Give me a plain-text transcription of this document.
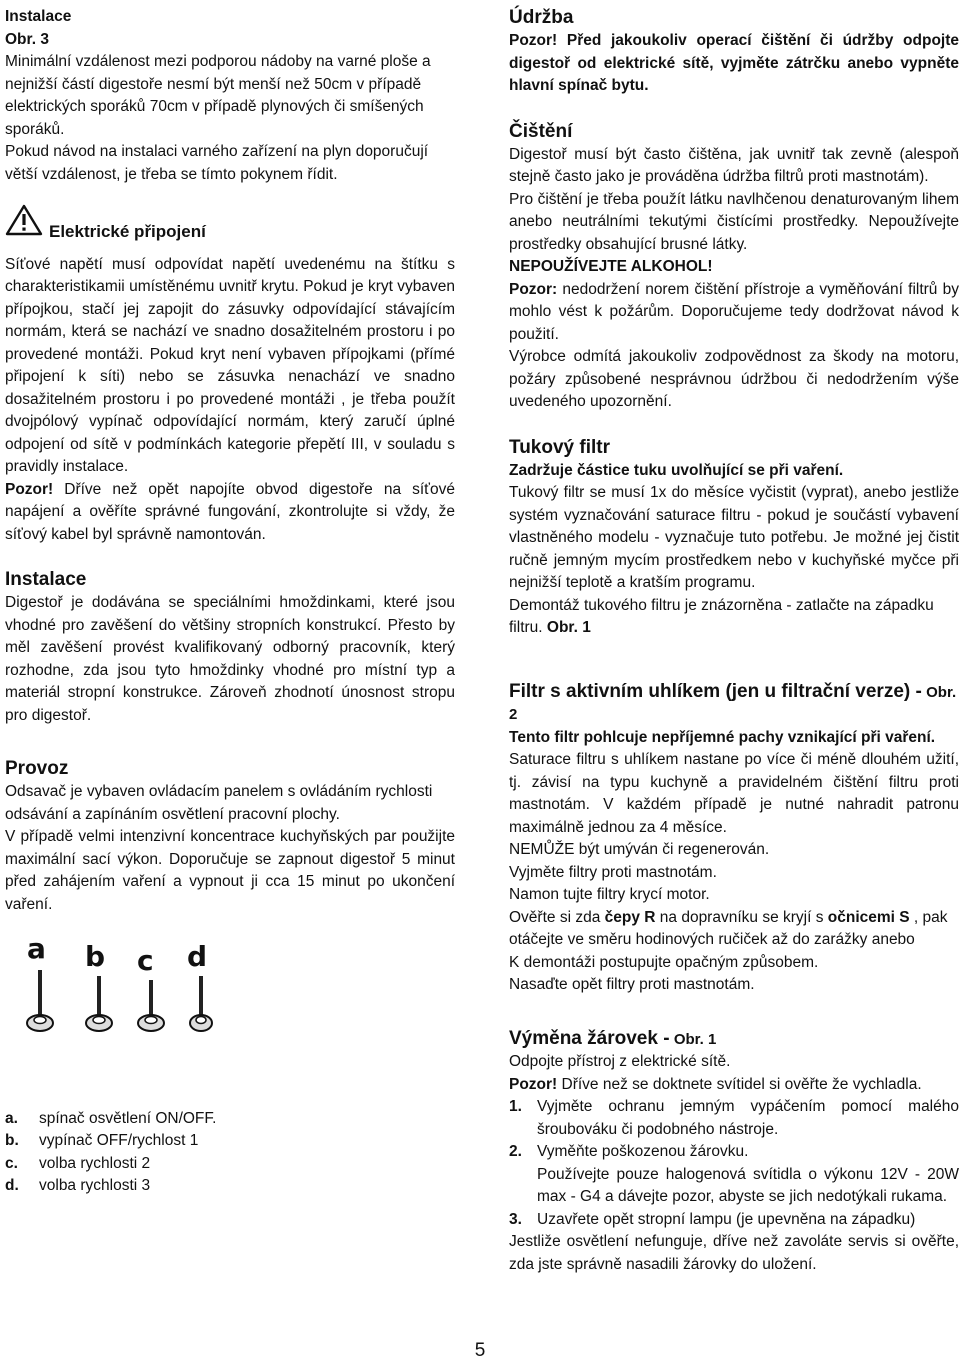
Instalace

Obr. 3

Minimální vzdálenost mezi podporou nádoby na varné ploše a nejnižší částí digestoře nesmí být menší než 50cm v případě elektrických sporáků 70cm v případě plynových či smíšených sporáků.

Pokud návod na instalaci varného zařízení na plyn doporučují větší vzdálenost, je třeba se tímto pokynem řídit.

Elektrické připojení

Síťové napětí musí odpovídat napětí uvedenému na štítku s charakteristikamii umístěnému uvnitř krytu. Pokud je kryt vybaven přípojkou, stačí jej zapojit do zásuvky odpovídající stávajícím normám, která se nachází ve snadno dosažitelném prostoru i po provedené montáži. Pokud kryt není vybaven přípojkami (přímé připojení k síti) nebo se zásuvka nenachází ve snadno dosažitelném prostoru i po provedené montáži , je třeba použít dvojpólový vypínač odpovídající normám, který zaručí úplné odpojení od sítě v podmínkách kategorie přepětí III, v souladu s pravidly instalace.

Pozor! Dříve než opět napojíte obvod digestoře na síťové napájení a ověříte správné fungování, zkontrolujte si vždy, že síťový kabel byl správně namontován.

Instalace

Digestoř je dodávána se speciálními hmoždinkami, které jsou vhodné pro zavěšení do většiny stropních konstrukcí. Přesto by měl zavěšení provést kvalifikovaný odborný pracovník, který rozhodne, zda jsou tyto hmoždinky vhodné pro místní typ a materiál stropní konstrukce. Zároveň zhodnotí únosnost stropu pro digestoř.

Provoz

Odsavač je vybaven ovládacím panelem s ovládáním rychlosti odsávání a zapínáním osvětlení pracovní plochy.

V případě velmi intenzivní koncentrace kuchyňských par použijte maximální sací výkon. Doporučuje se zapnout digestoř 5 minut před zahájením vaření a vypnout ji cca 15 minut po ukončení vaření.

a b c d
a.	spínač osvětlení ON/OFF.
b.	vypínač OFF/rychlost 1
c.	volba rychlosti 2
d.	volba rychlosti 3

Údržba

Pozor! Před jakoukoliv operací čištění či údržby odpojte digestoř od elektrické sítě, vyjměte zátrčku anebo vypněte hlavní spínač bytu.

Čištění

Digestoř musí být často čištěna, jak uvnitř tak zevně (alespoň stejně často jako je prováděna údržba filtrů proti mastnotám).

Pro čištění je třeba použít látku navlhčenou denaturovaným lihem anebo neutrálními tekutými čistícími prostředky. Nepoužívejte prostředky obsahující brusné látky.

NEPOUŽÍVEJTE ALKOHOL!

Pozor: nedodržení norem čištění přístroje a vyměňování filtrů by mohlo vést k požárům. Doporučujeme tedy dodržovat návod k použití.

Výrobce odmítá jakoukoliv zodpovědnost za škody na motoru, požáry způsobené nesprávnou údržbou či nedodržením výše uvedeného upozornění.

Tukový filtr

Zadržuje částice tuku uvolňující se při vaření.

Tukový filtr se musí 1x do měsíce vyčistit (vyprat), anebo jestliže systém vyznačování saturace filtru - pokud je součástí vybavení vlastněného modelu - vyznačuje tuto potřebu. Je možné jej čistit ručně jemným mycím prostředkem nebo v kuchyňské myčce při nejnižší teplotě a kratším programu.

Demontáž tukového filtru je znázorněna - zatlačte na západku filtru. Obr. 1

Filtr s aktivním uhlíkem (jen u filtrační verze) - Obr. 2

Tento filtr pohlcuje nepříjemné pachy vznikající při vaření.

Saturace filtru s uhlíkem nastane po více či méně dlouhém užití, tj. závisí na typu kuchyně a pravidelném čištění filtru proti mastnotám. V každém případě je nutné nahradit patronu maximálně jednou za 4 měsíce.

NEMŮŽE být umýván či regenerován.

Vyjměte filtry proti mastnotám.

Namon tujte filtry krycí motor.

Ověřte si zda čepy R na dopravníku se kryjí s očnicemi S , pak otáčejte ve směru hodinových ručiček až do zarážky anebo

K demontáži postupujte opačným způsobem.

Nasaďte opět filtry proti mastnotám.

Výměna žárovek - Obr. 1

Odpojte přístroj z elektrické sítě.

Pozor! Dříve než se doktnete svítidel si ověřte že vychladla.

1. Vyjměte ochranu jemným vypáčením pomocí malého šroubováku či podobného nástroje.
2. Vyměňte poškozenou žárovku.

Používejte pouze halogenová svítidla o výkonu 12V - 20W max - G4 a dávejte pozor, abyste se jich nedotýkali rukama.

3. Uzavřete opět stropní lampu (je upevněna na západku)

Jestliže osvětlení nefunguje, dříve než zavoláte servis si ověřte, zda jste správně nasadili žárovky do uložení.

5
